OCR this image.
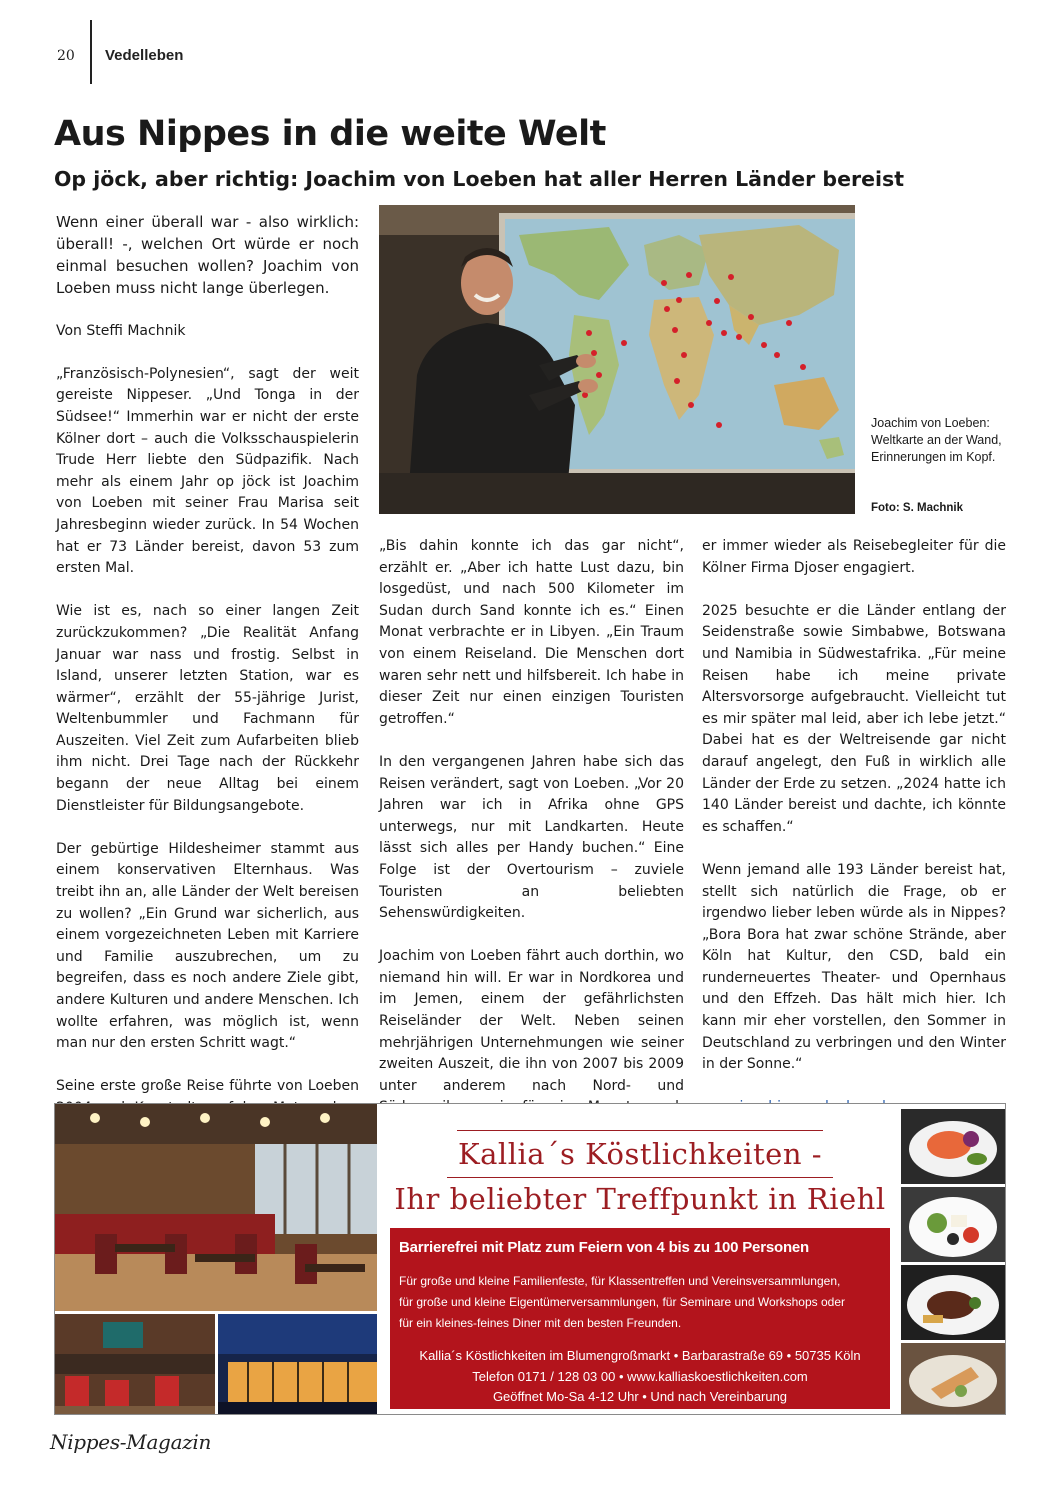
20 Vedelleben
Aus Nippes in die weite Welt
Op jöck, aber richtig: Joachim von Loeben hat aller Herren Länder bereist

Wenn einer überall war - also wirklich: überall! -, welchen Ort würde er noch einmal besuchen wollen? Joachim von Loeben muss nicht lange überlegen.

Von Steffi Machnik

„Französisch-Polynesien“, sagt der weit gereiste Nippeser. „Und Tonga in der Südsee!“ Immerhin war er nicht der erste Kölner dort – auch die Volksschauspielerin Trude Herr liebte den Südpazifik. Nach mehr als einem Jahr op jöck ist Joachim von Loeben mit seiner Frau Marisa seit Jahresbeginn wieder zurück. In 54 Wochen hat er 73 Länder bereist, davon 53 zum ersten Mal.

Wie ist es, nach so einer langen Zeit zurückzukommen? „Die Realität Anfang Januar war nass und frostig. Selbst in Island, unserer letzten Station, war es wärmer“, erzählt der 55-jährige Jurist, Weltenbummler und Fachmann für Auszeiten. Viel Zeit zum Aufarbeiten blieb ihm nicht. Drei Tage nach der Rückkehr begann der neue Alltag bei einem Dienstleister für Bildungsangebote.

Der gebürtige Hildesheimer stammt aus einem konservativen Elternhaus. Was treibt ihn an, alle Länder der Welt bereisen zu wollen? „Ein Grund war sicherlich, aus einem vorgezeichneten Leben mit Karriere und Familie auszubrechen, um zu begreifen, dass es noch andere Ziele gibt, andere Kulturen und andere Menschen. Ich wollte erfahren, was möglich ist, wenn man nur den ersten Schritt wagt.“

Seine erste große Reise führte von Loeben

Joachim von Loeben: Weltkarte an der Wand, Erinnerungen im Kopf.
Foto: S. Machnik

„Bis dahin konnte ich das gar nicht“, erzählt er. „Aber ich hatte Lust dazu, bin losgedüst, und nach 500 Kilometer im Sudan durch Sand konnte ich es.“ Einen Monat verbrachte er in Libyen. „Ein Traum von einem Reiseland. Die Menschen dort waren sehr nett und hilfsbereit. Ich habe in dieser Zeit nur einen einzigen Touristen getroffen.“

In den vergangenen Jahren habe sich das Reisen verändert, sagt von Loeben. „Vor 20 Jahren war ich in Afrika ohne GPS unterwegs, nur mit Landkarten. Heute lässt sich alles per Handy buchen.“ Eine Folge ist der Overtourism – zuviele Touristen an beliebten Sehenswürdigkeiten.

Joachim von Loeben fährt auch dorthin, wo niemand hin will. Er war in Nordkorea und im Jemen, einem der gefährlichsten Reiseländer der Welt. Neben seinen mehrjährigen Unternehmungen wie seiner zweiten Auszeit, die ihn von 2007 bis 2009 unter anderem nach Nord- und

er immer wieder als Reisebegleiter für die Kölner Firma Djoser engagiert.

2025 besuchte er die Länder entlang der Seidenstraße sowie Simbabwe, Botswana und Namibia in Südwestafrika. „Für meine Reisen habe ich meine private Altersvorsorge aufgebraucht. Vielleicht tut es mir später mal leid, aber ich lebe jetzt.“ Dabei hat es der Weltreisende gar nicht darauf angelegt, den Fuß in wirklich alle Länder der Erde zu setzen. „2024 hatte ich 140 Länder bereist und dachte, ich könnte es schaffen.“

Wenn jemand alle 193 Länder bereist hat, stellt sich natürlich die Frage, ob er irgendwo lieber leben würde als in Nippes? „Bora Bora hat zwar schöne Strände, aber Köln hat Kultur, den CSD, bald ein runderneuertes Theater- und Opernhaus und den Effzeh. Das hält mich hier. Ich kann mir eher vorstellen, den Sommer in Deutschland zu verbringen und den Winter in der Sonne.“

Kallia´s Köstlichkeiten -
Ihr beliebter Treffpunkt in Riehl
Barrierefrei mit Platz zum Feiern von 4 bis zu 100 Personen
Für große und kleine Familienfeste, für Klassentreffen und Vereinsversammlungen,
für große und kleine Eigentümerversammlungen, für Seminare und Workshops oder
für ein kleines-feines Diner mit den besten Freunden.
Kallia´s Köstlichkeiten im Blumengroßmarkt • Barbarastraße 69 • 50735 Köln
Telefon 0171 / 128 03 00 • www.kalliaskoestlichkeiten.com
Geöffnet Mo-Sa 4-12 Uhr • Und nach Vereinbarung
Nippes-Magazin
